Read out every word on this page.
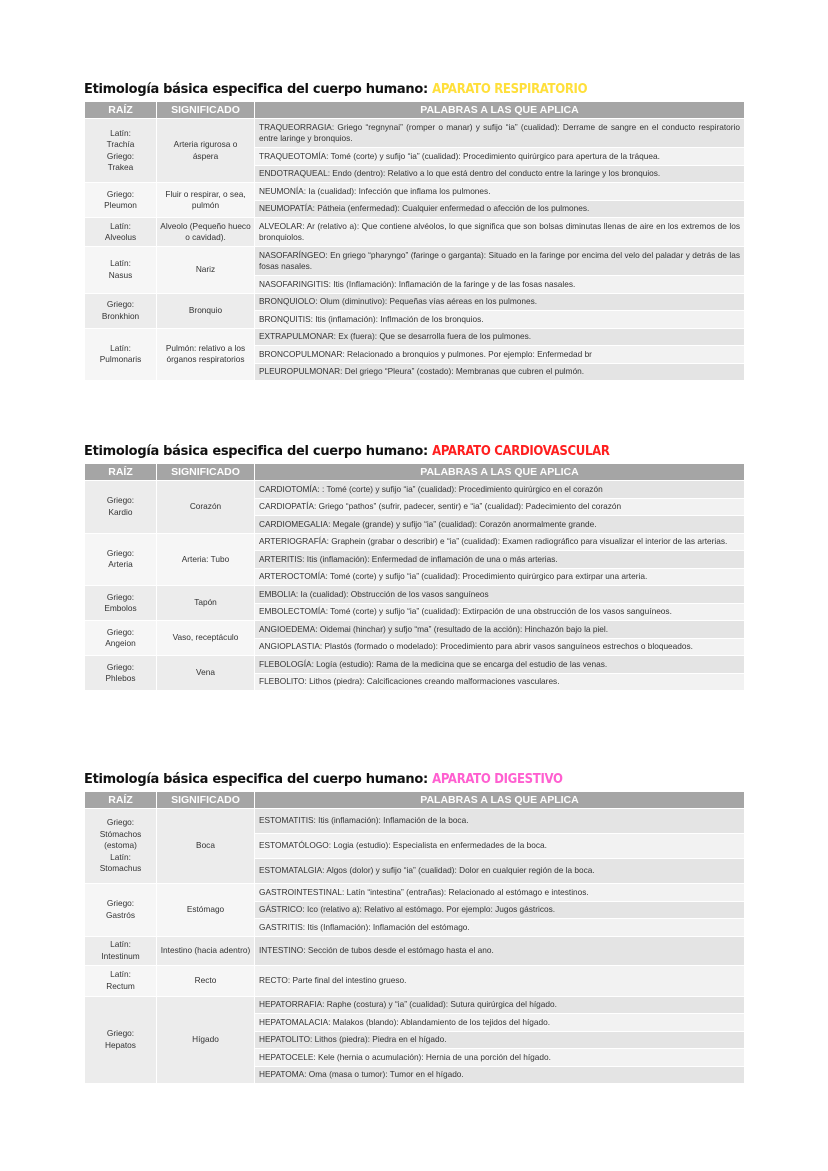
Etimología básica especifica del cuerpo humano: APARATO RESPIRATORIO
RAÍZ	SIGNIFICADO	PALABRAS A LAS QUE APLICA
Latín:
Trachía
Griego:
Trakea	Arteria rigurosa o áspera	TRAQUEORRAGIA: Griego “regnynai” (romper o manar) y sufijo “ia” (cualidad): Derrame de sangre en el conducto respiratorio entre laringe y bronquios.
		TRAQUEOTOMÍA: Tomé (corte) y sufijo “ia” (cualidad): Procedimiento quirúrgico para apertura de la tráquea.
		ENDOTRAQUEAL: Endo (dentro): Relativo a lo que está dentro del conducto entre la laringe y los bronquios.
Griego:
Pleumon	Fluir o respirar, o sea, pulmón	NEUMONÍA: Ia (cualidad): Infección que inflama los pulmones.
		NEUMOPATÍA: Pátheia (enfermedad): Cualquier enfermedad o afección de los pulmones.
Latín:
Alveolus	Alveolo (Pequeño hueco o cavidad).	ALVEOLAR: Ar (relativo a): Que contiene alvéolos, lo que significa que son bolsas diminutas llenas de aire en los extremos de los bronquiolos.
Latín:
Nasus	Nariz	NASOFARÍNGEO: En griego “pharyngo” (faringe o garganta): Situado en la faringe por encima del velo del paladar y detrás de las fosas nasales.
		NASOFARINGITIS: Itis (Inflamación): Inflamación de la faringe y de las fosas nasales.
Griego:
Bronkhion	Bronquio	BRONQUIOLO: Olum (diminutivo): Pequeñas vías aéreas en los pulmones.
		BRONQUITIS: Itis (inflamación): Inflmación de los bronquios.
Latín:
Pulmonaris	Pulmón: relativo a los órganos respiratorios	EXTRAPULMONAR: Ex (fuera): Que se desarrolla fuera de los pulmones.
		BRONCOPULMONAR: Relacionado a bronquios y pulmones. Por ejemplo: Enfermedad br
		PLEUROPULMONAR: Del griego “Pleura” (costado): Membranas que cubren el pulmón.
Etimología básica especifica del cuerpo humano: APARATO CARDIOVASCULAR
RAÍZ	SIGNIFICADO	PALABRAS A LAS QUE APLICA
Griego:
Kardio	Corazón	CARDIOTOMÍA: : Tomé (corte) y sufijo “ia” (cualidad): Procedimiento quirúrgico en el corazón
		CARDIOPATÍA: Griego “pathos” (sufrir, padecer, sentir) e “ia” (cualidad): Padecimiento del corazón
		CARDIOMEGALIA: Megale (grande) y sufijo “ia” (cualidad): Corazón anormalmente grande.
Griego:
Arteria	Arteria: Tubo	ARTERIOGRAFÍA: Graphein (grabar o describir) e “ia” (cualidad): Examen radiográfico para visualizar el interior de las arterias.
		ARTERITIS: Itis (inflamación): Enfermedad de inflamación de una o más arterias.
		ARTEROCTOMÍA: Tomé (corte) y sufijo “ia” (cualidad): Procedimiento quirúrgico para extirpar una arteria.
Griego:
Embolos	Tapón	EMBOLIA: Ia (cualidad): Obstrucción de los vasos sanguíneos
		EMBOLECTOMÍA: Tomé (corte) y sufijo “ia” (cualidad): Extirpación de una obstrucción de los vasos sanguíneos.
Griego:
Angeion	Vaso, receptáculo	ANGIOEDEMA: Oidemai (hinchar) y sufjo “ma” (resultado de la acción): Hinchazón bajo la piel.
		ANGIOPLASTIA: Plastós (formado o modelado): Procedimiento para abrir vasos sanguíneos estrechos o bloqueados.
Griego:
Phlebos	Vena	FLEBOLOGÍA: Logía (estudio): Rama de la medicina que se encarga del estudio de las venas.
		FLEBOLITO: Lithos (piedra): Calcificaciones creando malformaciones vasculares.
Etimología básica especifica del cuerpo humano: APARATO DIGESTIVO
RAÍZ	SIGNIFICADO	PALABRAS A LAS QUE APLICA
Griego:
Stómachos
(estoma)
Latín:
Stomachus	Boca	ESTOMATITIS: Itis (inflamación): Inflamación de la boca.
		ESTOMATÓLOGO: Logia (estudio): Especialista en enfermedades de la boca.
		ESTOMATALGIA: Algos (dolor) y sufijo “ia” (cualidad): Dolor en cualquier región de la boca.
Griego:
Gastrós	Estómago	GASTROINTESTINAL: Latín “intestina” (entrañas): Relacionado al estómago e intestinos.
		GÁSTRICO: Ico (relativo a): Relativo al estómago. Por ejemplo: Jugos gástricos.
		GASTRITIS: Itis (Inflamación): Inflamación del estómago.
Latín:
Intestinum	Intestino (hacia adentro)	INTESTINO: Sección de tubos desde el estómago hasta el ano.
Latín:
Rectum	Recto	RECTO: Parte final del intestino grueso.
Griego:
Hepatos	Hígado	HEPATORRAFIA: Raphe (costura) y “ia” (cualidad): Sutura quirúrgica del hígado.
		HEPATOMALACIA: Malakos (blando): Ablandamiento de los tejidos del hígado.
		HEPATOLITO: Lithos (piedra): Piedra en el hígado.
		HEPATOCELE: Kele (hernia o acumulación): Hernia de una porción del hígado.
		HEPATOMA: Oma (masa o tumor): Tumor en el hígado.
